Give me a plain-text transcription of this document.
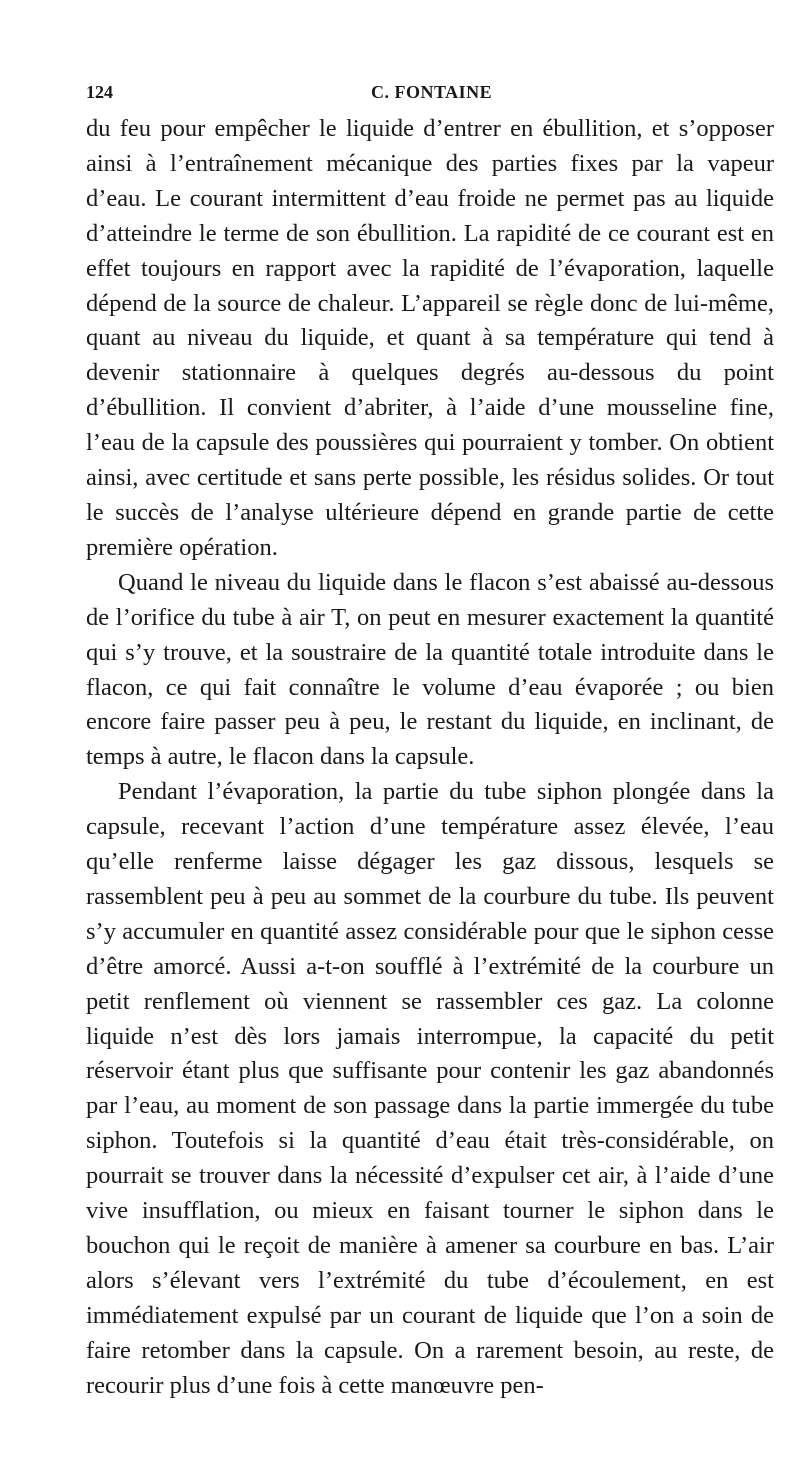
124	C. FONTAINE

du feu pour empêcher le liquide d’entrer en ébullition, et s’opposer ainsi à l’entraînement mécanique des parties fixes par la vapeur d’eau. Le courant intermittent d’eau froide ne permet pas au liquide d’atteindre le terme de son ébullition. La rapidité de ce courant est en effet toujours en rapport avec la rapidité de l’évaporation, laquelle dépend de la source de chaleur. L’appareil se règle donc de lui-même, quant au niveau du liquide, et quant à sa température qui tend à devenir stationnaire à quelques degrés au-dessous du point d’ébullition. Il convient d’abriter, à l’aide d’une mousseline fine, l’eau de la capsule des poussières qui pourraient y tomber. On obtient ainsi, avec certitude et sans perte possible, les résidus solides. Or tout le succès de l’analyse ultérieure dépend en grande partie de cette première opération.

Quand le niveau du liquide dans le flacon s’est abaissé au-dessous de l’orifice du tube à air T, on peut en mesurer exactement la quantité qui s’y trouve, et la soustraire de la quantité totale introduite dans le flacon, ce qui fait connaître le volume d’eau évaporée ; ou bien encore faire passer peu à peu, le restant du liquide, en inclinant, de temps à autre, le flacon dans la capsule.

Pendant l’évaporation, la partie du tube siphon plongée dans la capsule, recevant l’action d’une température assez élevée, l’eau qu’elle renferme laisse dégager les gaz dissous, lesquels se rassemblent peu à peu au sommet de la courbure du tube. Ils peuvent s’y accumuler en quantité assez considérable pour que le siphon cesse d’être amorcé. Aussi a-t-on soufflé à l’extrémité de la courbure un petit renflement où viennent se rassembler ces gaz. La colonne liquide n’est dès lors jamais interrompue, la capacité du petit réservoir étant plus que suffisante pour contenir les gaz abandonnés par l’eau, au moment de son passage dans la partie immergée du tube siphon. Toutefois si la quantité d’eau était très-considérable, on pourrait se trouver dans la nécessité d’expulser cet air, à l’aide d’une vive insufflation, ou mieux en faisant tourner le siphon dans le bouchon qui le reçoit de manière à amener sa courbure en bas. L’air alors s’élevant vers l’extrémité du tube d’écoulement, en est immédiatement expulsé par un courant de liquide que l’on a soin de faire retomber dans la capsule. On a rarement besoin, au reste, de recourir plus d’une fois à cette manœuvre pen-
